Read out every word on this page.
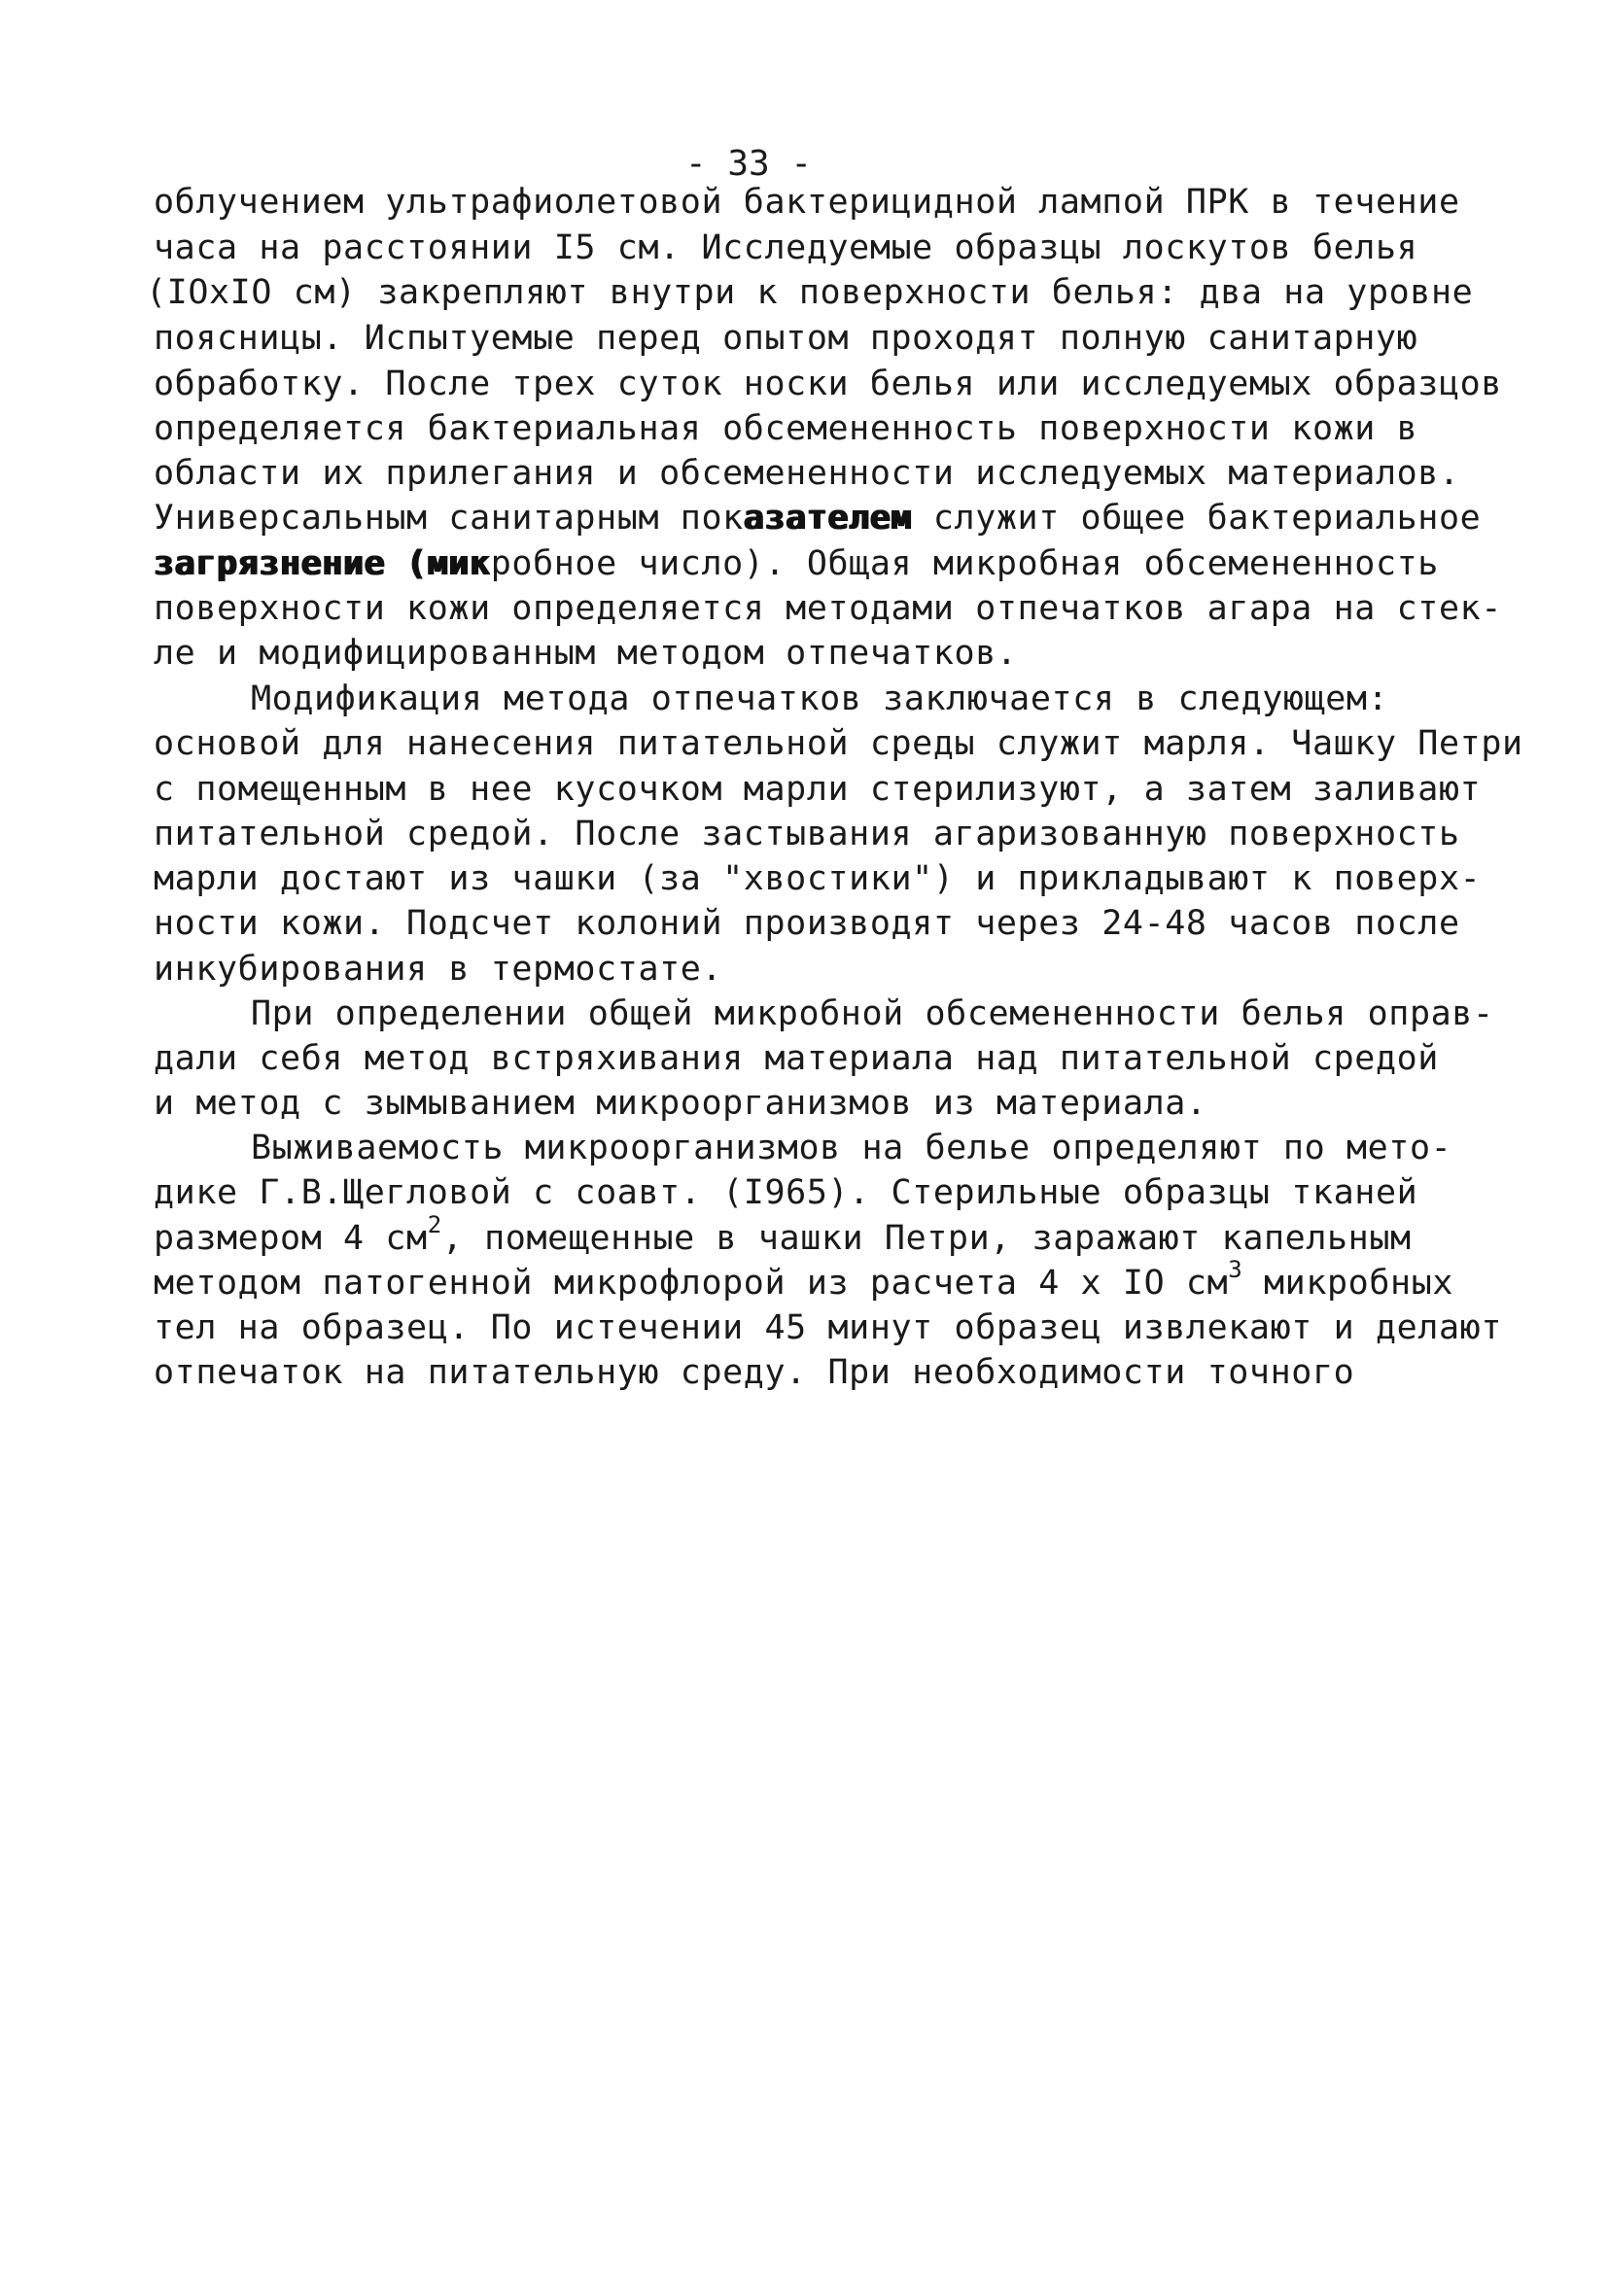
- 33 -
облучением ультрафиолетовой бактерицидной лампой ПРК в течение
часа на расстоянии I5 см. Исследуемые образцы лоскутов белья
(IOxIO см) закрепляют внутри к поверхности белья: два на уровне
поясницы. Испытуемые перед опытом проходят полную санитарную
обработку. После трех суток носки белья или исследуемых образцов
определяется бактериальная обсемененность поверхности кожи в
области их прилегания и обсемененности исследуемых материалов.
Универсальным санитарным показателем служит общее бактериальное
загрязнение (микробное число). Общая микробная обсемененность
поверхности кожи определяется методами отпечатков агара на стек-
ле и модифицированным методом отпечатков.
Модификация метода отпечатков заключается в следующем:
основой для нанесения питательной среды служит марля. Чашку Петри
с помещенным в нее кусочком марли стерилизуют, а затем заливают
питательной средой. После застывания агаризованную поверхность
марли достают из чашки (за "хвостики") и прикладывают к поверх-
ности кожи. Подсчет колоний производят через 24-48 часов после
инкубирования в термостате.
При определении общей микробной обсемененности белья оправ-
дали себя метод встряхивания материала над питательной средой
и метод с зымыванием микроорганизмов из материала.
Выживаемость микроорганизмов на белье определяют по мето-
дике Г.В.Щегловой с соавт. (I965). Стерильные образцы тканей
размером 4 $см^2$, помещенные в чашки Петри, заражают капельным
методом патогенной микрофлорой из расчета 4 x IO $см^3$ микробных
тел на образец. По истечении 45 минут образец извлекают и делают
отпечаток на питательную среду. При необходимости точного
